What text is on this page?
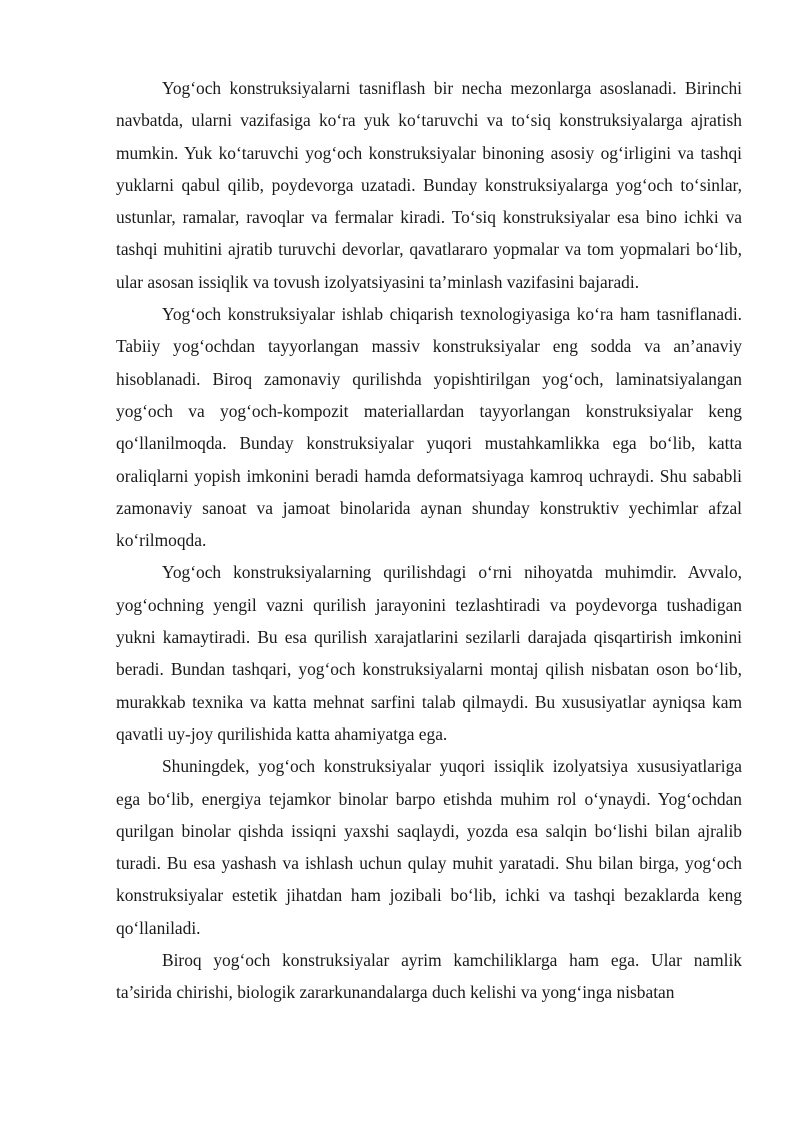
Yog‘och konstruksiyalarni tasniflash bir necha mezonlarga asoslanadi. Birinchi navbatda, ularni vazifasiga ko‘ra yuk ko‘taruvchi va to‘siq konstruksiyalarga ajratish mumkin. Yuk ko‘taruvchi yog‘och konstruksiyalar binoning asosiy og‘irligini va tashqi yuklarni qabul qilib, poydevorga uzatadi. Bunday konstruksiyalarga yog‘och to‘sinlar, ustunlar, ramalar, ravoqlar va fermalar kiradi. To‘siq konstruksiyalar esa bino ichki va tashqi muhitini ajratib turuvchi devorlar, qavatlararo yopmalar va tom yopmalari bo‘lib, ular asosan issiqlik va tovush izolyatsiyasini ta’minlash vazifasini bajaradi.

Yog‘och konstruksiyalar ishlab chiqarish texnologiyasiga ko‘ra ham tasniflanadi. Tabiiy yog‘ochdan tayyorlangan massiv konstruksiyalar eng sodda va an’anaviy hisoblanadi. Biroq zamonaviy qurilishda yopishtirilgan yog‘och, laminatsiyalangan yog‘och va yog‘och-kompozit materiallardan tayyorlangan konstruksiyalar keng qo‘llanilmoqda. Bunday konstruksiyalar yuqori mustahkamlikka ega bo‘lib, katta oraliqlarni yopish imkonini beradi hamda deformatsiyaga kamroq uchraydi. Shu sababli zamonaviy sanoat va jamoat binolarida aynan shunday konstruktiv yechimlar afzal ko‘rilmoqda.

Yog‘och konstruksiyalarning qurilishdagi o‘rni nihoyatda muhimdir. Avvalo, yog‘ochning yengil vazni qurilish jarayonini tezlashtiradi va poydevorga tushadigan yukni kamaytiradi. Bu esa qurilish xarajatlarini sezilarli darajada qisqartirish imkonini beradi. Bundan tashqari, yog‘och konstruksiyalarni montaj qilish nisbatan oson bo‘lib, murakkab texnika va katta mehnat sarfini talab qilmaydi. Bu xususiyatlar ayniqsa kam qavatli uy-joy qurilishida katta ahamiyatga ega.

Shuningdek, yog‘och konstruksiyalar yuqori issiqlik izolyatsiya xususiyatlariga ega bo‘lib, energiya tejamkor binolar barpo etishda muhim rol o‘ynaydi. Yog‘ochdan qurilgan binolar qishda issiqni yaxshi saqlaydi, yozda esa salqin bo‘lishi bilan ajralib turadi. Bu esa yashash va ishlash uchun qulay muhit yaratadi. Shu bilan birga, yog‘och konstruksiyalar estetik jihatdan ham jozibali bo‘lib, ichki va tashqi bezaklarda keng qo‘llaniladi.

Biroq yog‘och konstruksiyalar ayrim kamchiliklarga ham ega. Ular namlik ta’sirida chirishi, biologik zararkunandalarga duch kelishi va yong‘inga nisbatan
